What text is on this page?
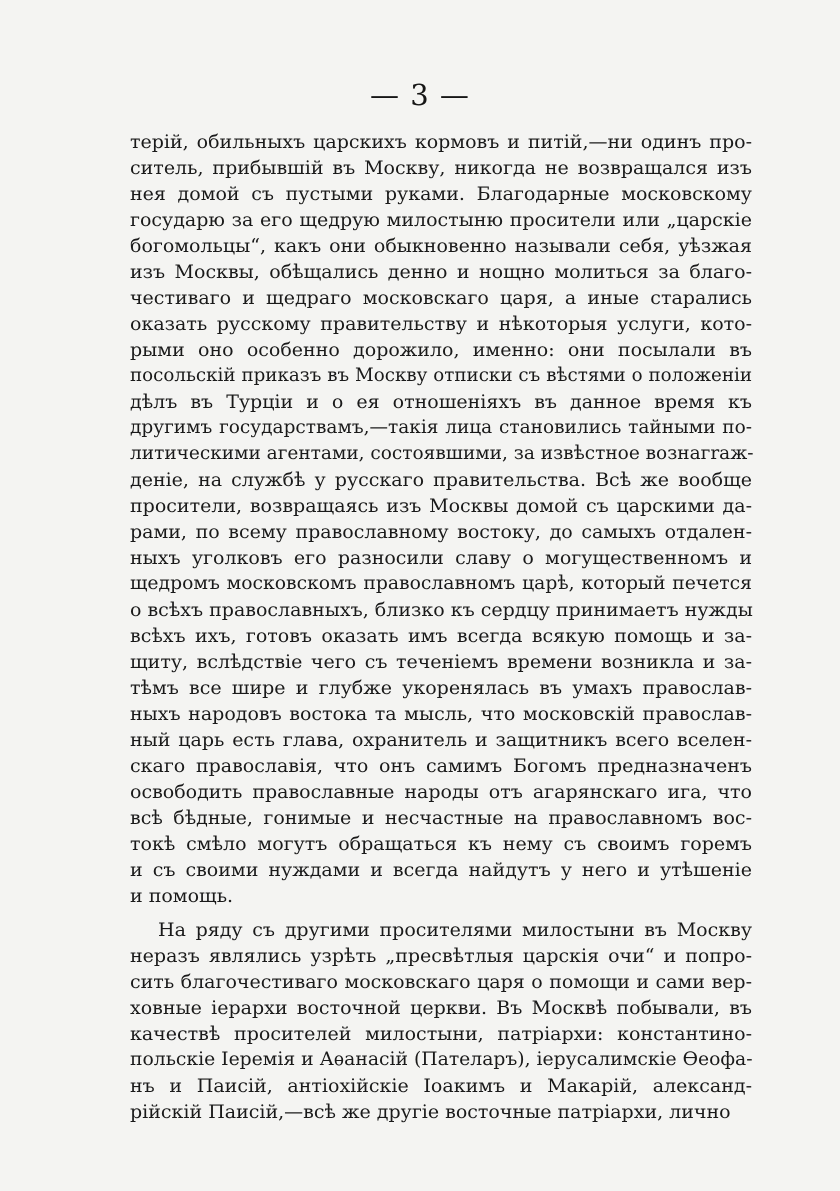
— 3 —
терій, обильныхъ царскихъ кормовъ и питій,—ни одинъ про-
ситель, прибывшій въ Москву, никогда не возвращался изъ
нея домой съ пустыми руками. Благодарные московскому
государю за его щедрую милостыню просители или „царскіе
богомольцы“, какъ они обыкновенно называли себя, уѣзжая
изъ Москвы, обѣщались денно и нощно молиться за благо-
честиваго и щедраго московскаго царя, а иные старались
оказать русскому правительству и нѣкоторыя услуги, кото-
рыми оно особенно дорожило, именно: они посылали въ
посольскій приказъ въ Москву отписки съ вѣстями о положеніи
дѣлъ въ Турціи и о ея отношеніяхъ въ данное время къ
другимъ государствамъ,—такія лица становились тайными по-
литическими агентами, состоявшими, за извѣстное вознагraж-
деніе, на службѣ у русскаго правительства. Всѣ же вообще
просители, возвращаясь изъ Москвы домой съ царскими да-
рами, по всему православному востоку, до самыхъ отдален-
ныхъ уголковъ его разносили славу о могущественномъ и
щедромъ московскомъ православномъ царѣ, который печется
о всѣхъ православныхъ, близко къ сердцу принимаетъ нужды
всѣхъ ихъ, готовъ оказать имъ всегда всякую помощь и за-
щиту, вслѣдствіе чего съ теченіемъ времени возникла и за-
тѣмъ все шире и глубже укоренялась въ умахъ православ-
ныхъ народовъ востока та мысль, что московскій православ-
ный царь есть глава, охранитель и защитникъ всего вселен-
скаго православія, что онъ самимъ Богомъ предназначенъ
освободить православные народы отъ агарянскаго ига, что
всѣ бѣдные, гонимые и несчастные на православномъ вос-
токѣ смѣло могутъ обращаться къ нему съ своимъ горемъ
и съ своими нуждами и всегда найдутъ у него и утѣшеніе
и помощь.
На ряду съ другими просителями милостыни въ Москву
неразъ являлись узрѣть „пресвѣтлыя царскія очи“ и попро-
сить благочестиваго московскаго царя о помощи и сами вер-
ховные іерархи восточной церкви. Въ Москвѣ побывали, въ
качествѣ просителей милостыни, патріархи: константино-
польскіе Іеремія и Аѳанасій (Пателаръ), іерусалимскіе Ѳеофа-
нъ и Паисій, антіохійскіе Іоакимъ и Макарій, александ-
рійскій Паисій,—всѣ же другіе восточные патріархи, лично
